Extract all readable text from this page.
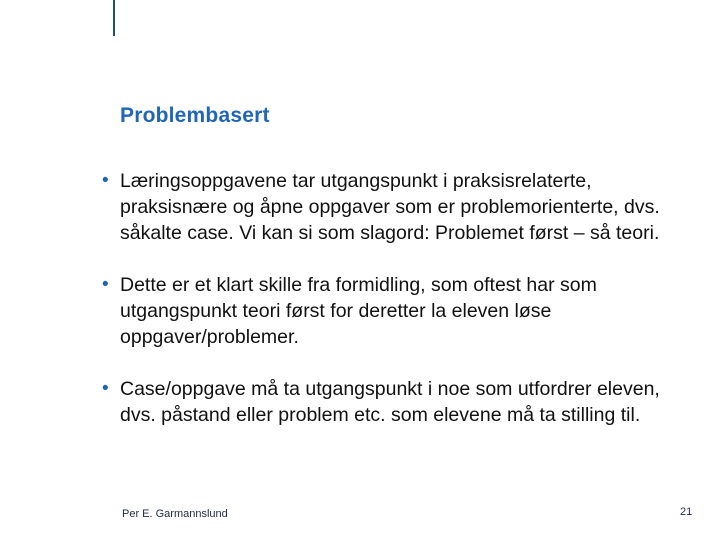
Problembasert
• Læringsoppgavene tar utgangspunkt i praksisrelaterte, praksisnære og åpne oppgaver som er problemorienterte, dvs. såkalte case. Vi kan si som slagord: Problemet først – så teori.
• Dette er et klart skille fra formidling, som oftest har som utgangspunkt teori først for deretter la eleven løse oppgaver/problemer.
• Case/oppgave må ta utgangspunkt i noe som utfordrer eleven, dvs. påstand eller problem etc. som elevene må ta stilling til.
Per E. Garmannslund	21
